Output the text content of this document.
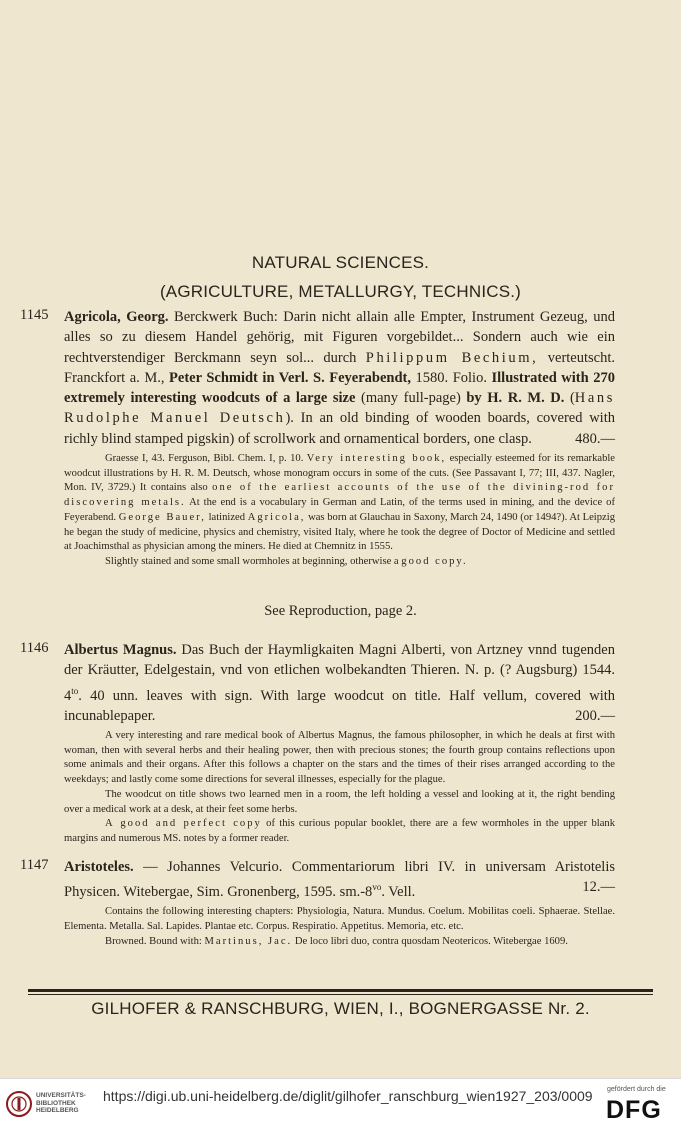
NATURAL SCIENCES.
(AGRICULTURE, METALLURGY, TECHNICS.)
1145 Agricola, Georg. Berckwerk Buch: Darin nicht allain alle Empter, Instrument Gezeug, und alles so zu diesem Handel gehörig, mit Figuren vorgebildet... Sondern auch wie ein rechtverstendiger Berckmann seyn sol... durch Philippum Bechium, verteutscht. Franckfort a. M., Peter Schmidt in Verl. S. Feyerabendt, 1580. Folio. Illustrated with 270 extremely interesting woodcuts of a large size (many full-page) by H. R. M. D. (Hans Rudolphe Manuel Deutsch). In an old binding of wooden boards, covered with richly blind stamped pigskin) of scrollwork and ornamentical borders, one clasp.	480.—

Graesse I, 43. Ferguson, Bibl. Chem. I, p. 10. Very interesting book, especially esteemed for its remarkable woodcut illustrations by H. R. M. Deutsch, whose monogram occurs in some of the cuts. (See Passavant I, 77; III, 437. Nagler, Mon. IV, 3729.) It contains also one of the earliest accounts of the use of the divining-rod for discovering metals. At the end is a vocabulary in German and Latin, of the terms used in mining, and the device of Feyerabend. George Bauer, latinized Agricola, was born at Glauchau in Saxony, March 24, 1490 (or 1494?). At Leipzig he began the study of medicine, physics and chemistry, visited Italy, where he took the degree of Doctor of Medicine and settled at Joachimsthal as physician among the miners. He died at Chemnitz in 1555.

Slightly stained and some small wormholes at beginning, otherwise a good copy.

See Reproduction, page 2.
1146 Albertus Magnus. Das Buch der Haymligkaiten Magni Alberti, von Artzney vnnd tugenden der Kräutter, Edelgestain, vnd von etlichen wolbekandten Thieren. N. p. (? Augsburg) 1544. $4^{to}$. 40 unn. leaves with sign. With large woodcut on title. Half vellum, covered with incunablepaper.	200.—

A very interesting and rare medical book of Albertus Magnus, the famous philosopher, in which he deals at first with woman, then with several herbs and their healing power, then with precious stones; the fourth group contains reflections upon some animals and their organs. After this follows a chapter on the stars and the times of their rises arranged according to the weekdays; and lastly come some directions for several illnesses, especially for the plague.

The woodcut on title shows two learned men in a room, the left holding a vessel and looking at it, the right bending over a medical work at a desk, at their feet some herbs.

A good and perfect copy of this curious popular booklet, there are a few wormholes in the upper blank margins and numerous MS. notes by a former reader.

1147 Aristoteles. — Johannes Velcurio. Commentariorum libri IV. in universam Aristotelis Physicen. Witebergae, Sim. Gronenberg, 1595. $sm.-8^{vo}$. Vell.	12.—

Contains the following interesting chapters: Physiologia, Natura. Mundus. Coelum. Mobilitas coeli. Sphaerae. Stellae. Elementa. Metalla. Sal. Lapides. Plantae etc. Corpus. Respiratio. Appetitus. Memoria, etc. etc.

Browned. Bound with: Martinus, Jac. De loco libri duo, contra quosdam Neotericos. Witebergae 1609.

GILHOFER & RANSCHBURG, WIEN, I., BOGNERGASSE Nr. 2.
UNIVERSITÄTS-
BIBLIOTHEK
HEIDELBERG
https://digi.ub.uni-heidelberg.de/diglit/gilhofer_ranschburg_wien1927_203/0009 gefördert durch die
DFG
